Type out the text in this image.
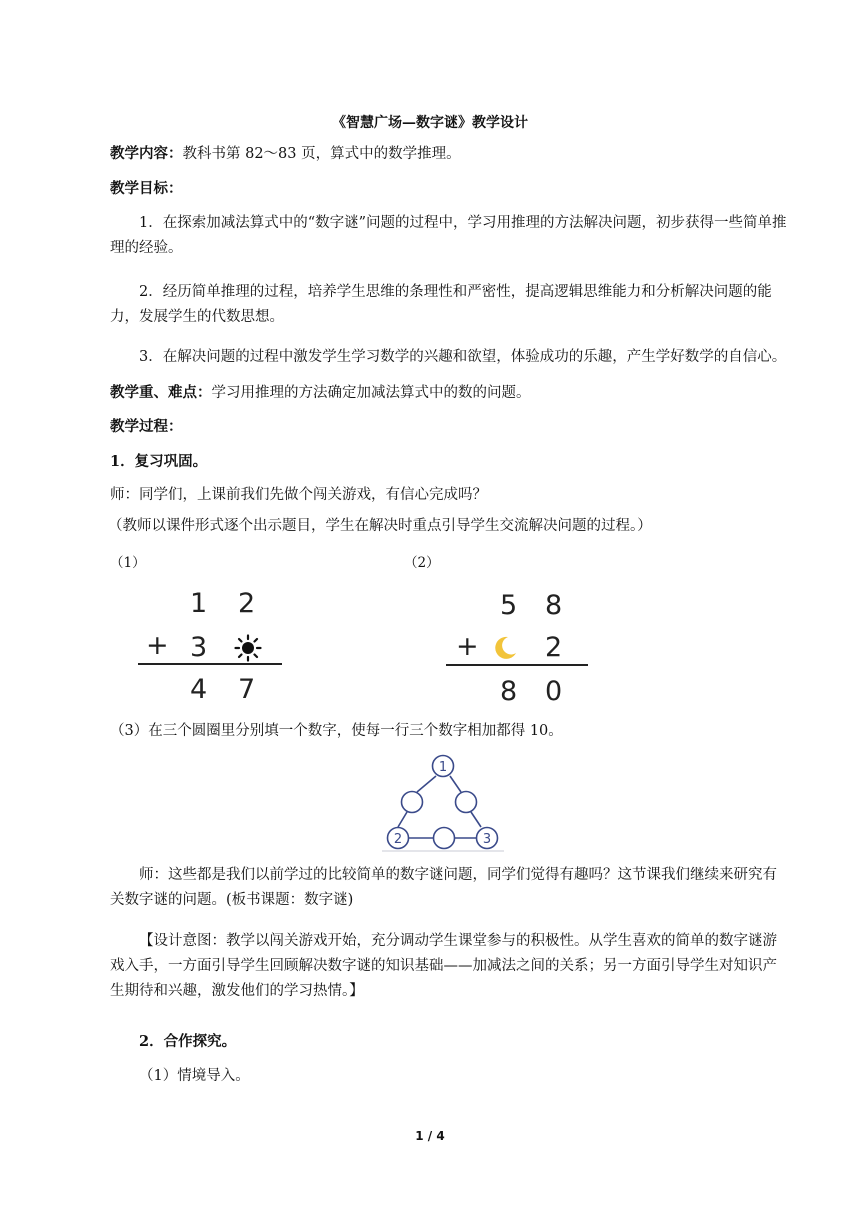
《智慧广场—数字谜》教学设计

教学内容：教科书第 82～83 页，算式中的数学推理。

教学目标：

1．在探索加减法算式中的“数字谜”问题的过程中，学习用推理的方法解决问题，初步获得一些简单推理的经验。

2．经历简单推理的过程，培养学生思维的条理性和严密性，提高逻辑思维能力和分析解决问题的能力，发展学生的代数思想。

3．在解决问题的过程中激发学生学习数学的兴趣和欲望，体验成功的乐趣，产生学好数学的自信心。

教学重、难点：学习用推理的方法确定加减法算式中的数的问题。

教学过程：

1．复习巩固。

师：同学们，上课前我们先做个闯关游戏，有信心完成吗？

（教师以课件形式逐个出示题目，学生在解决时重点引导学生交流解决问题的过程。）

（1）
1 2
+ 3
4 7
（2）
5 8
+ 2
8 0

（3）在三个圆圈里分别填一个数字，使每一行三个数字相加都得 10。

1
2	3

师：这些都是我们以前学过的比较简单的数字谜问题，同学们觉得有趣吗？这节课我们继续来研究有关数字谜的问题。(板书课题：数字谜)

【设计意图：教学以闯关游戏开始，充分调动学生课堂参与的积极性。从学生喜欢的简单的数字谜游戏入手，一方面引导学生回顾解决数字谜的知识基础——加减法之间的关系；另一方面引导学生对知识产生期待和兴趣，激发他们的学习热情。】

2．合作探究。

（1）情境导入。

1 / 4
